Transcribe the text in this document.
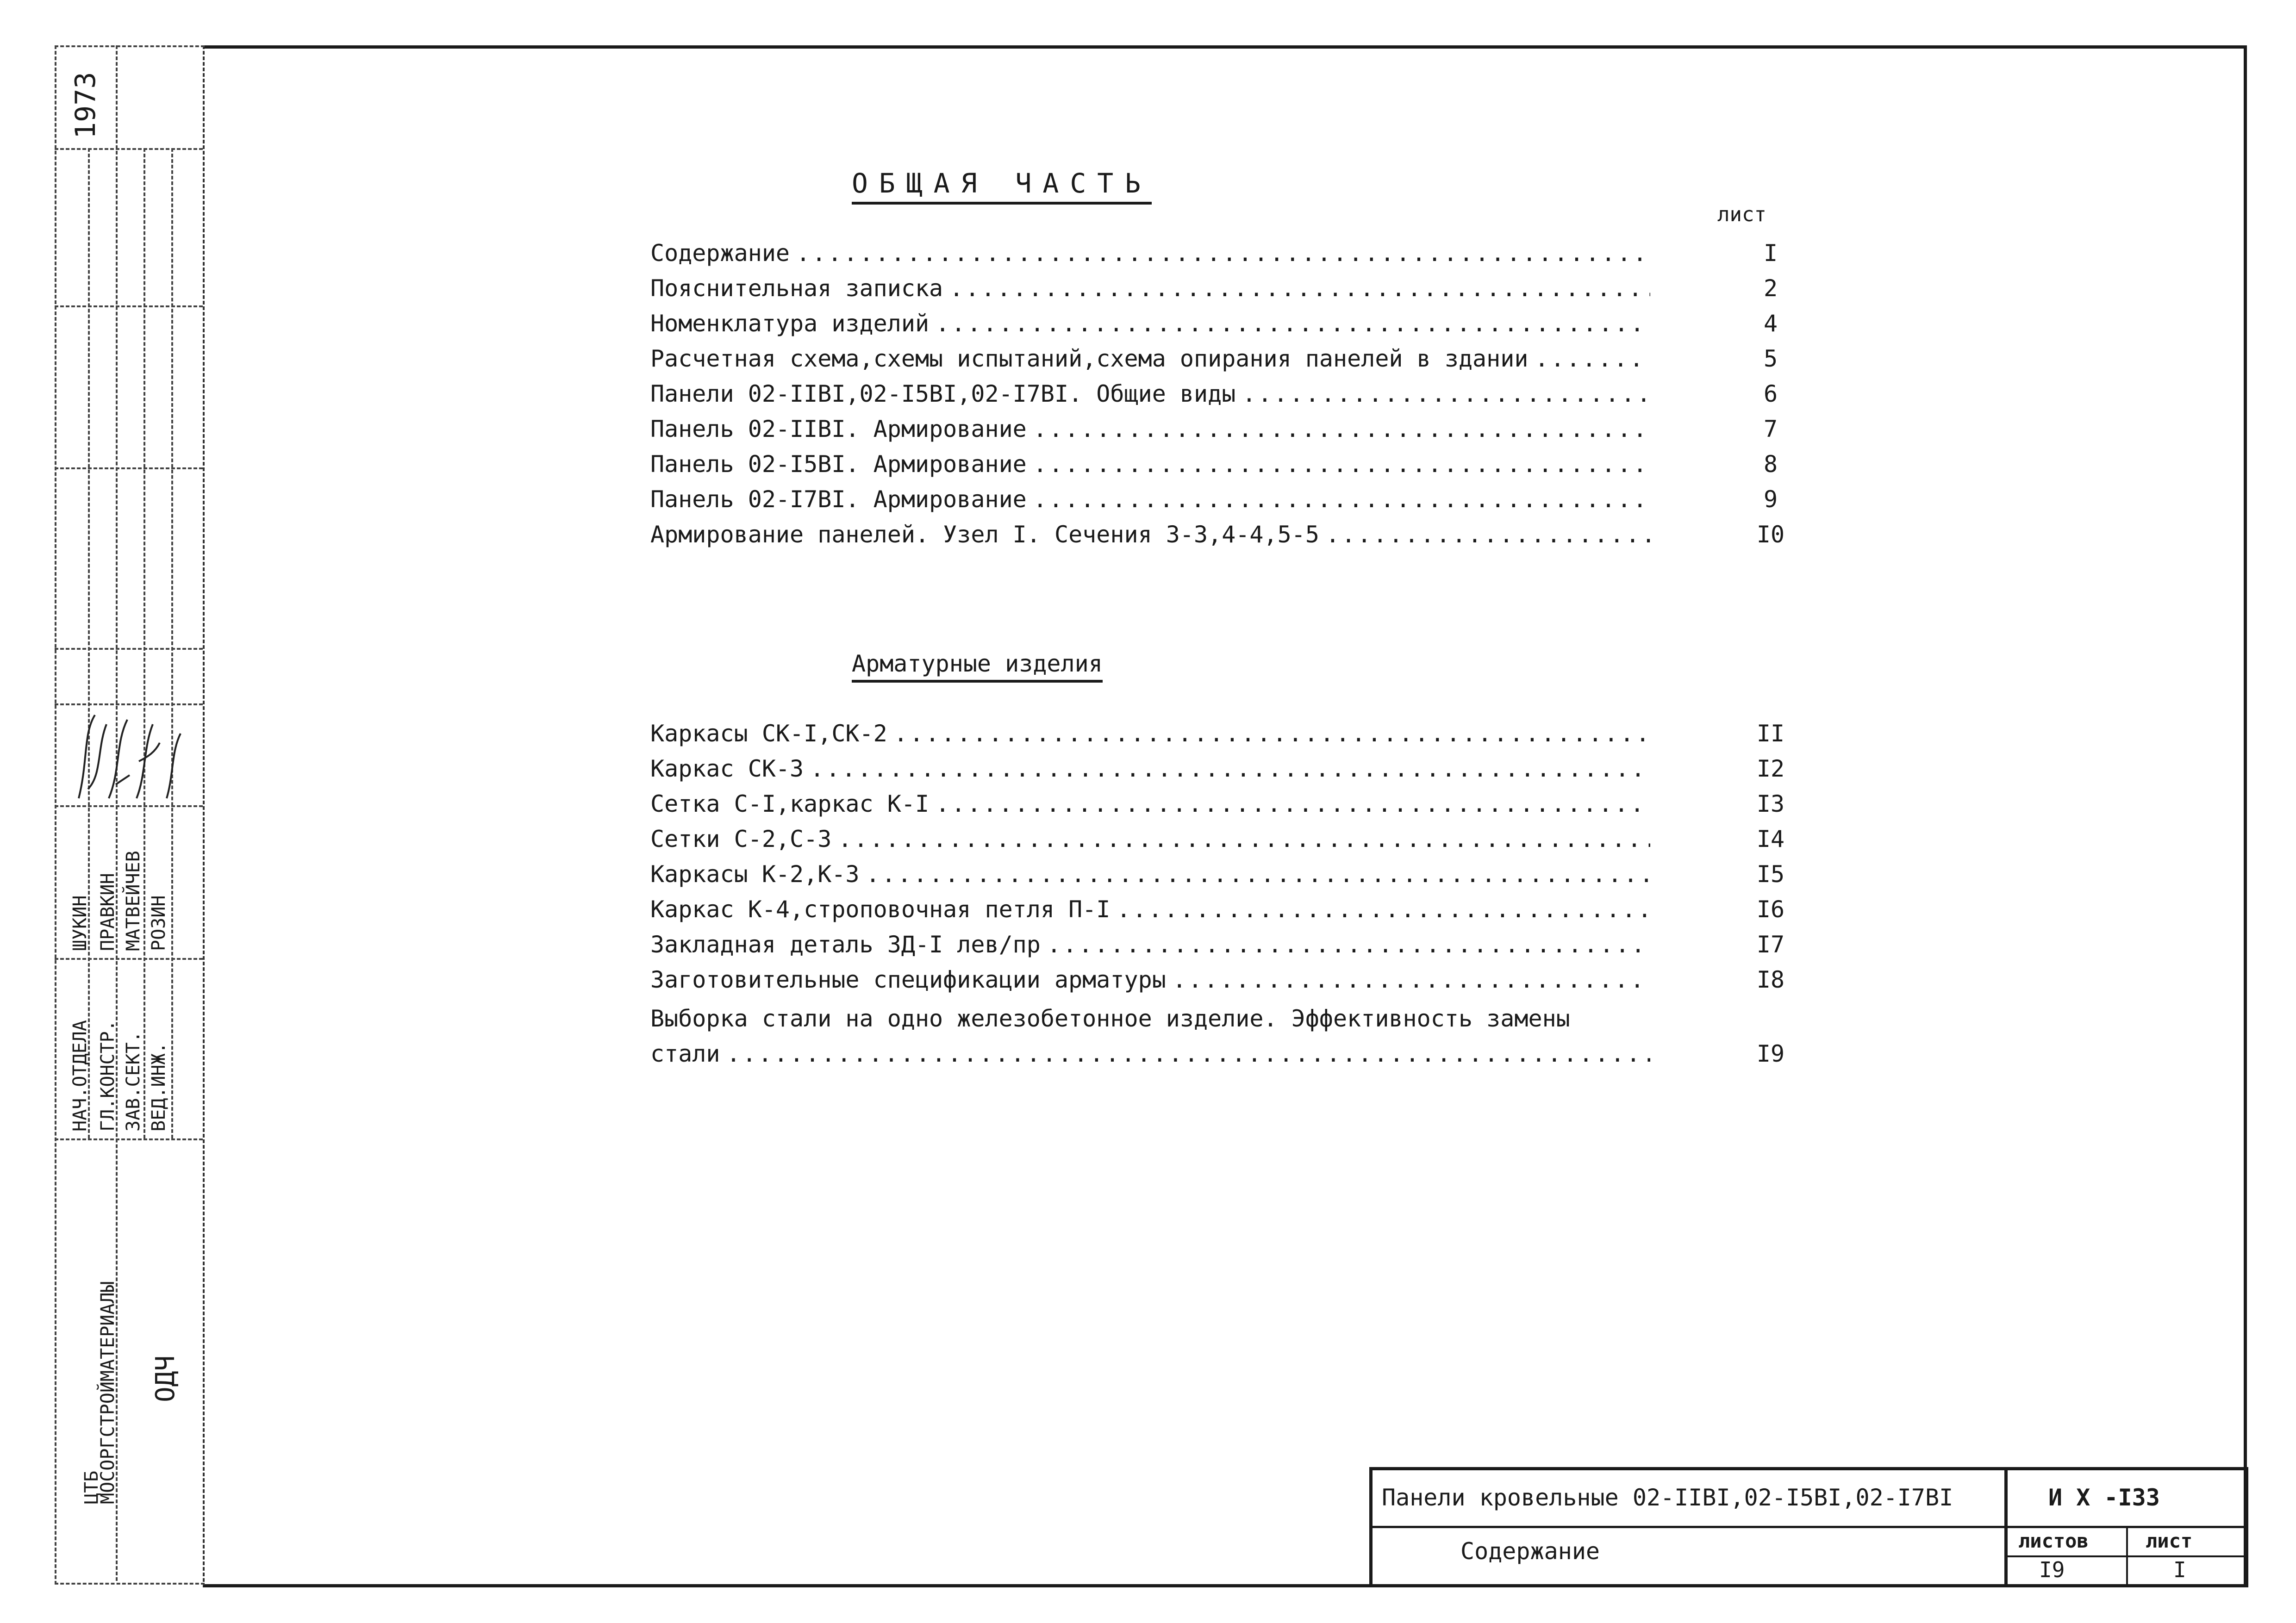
1973
НАЧ.ОТДЕЛА ГЛ.КОНСТР. ЗАВ.СЕКТ. ВЕД.ИНЖ.
ШУКИН ПРАВКИН МАТВЕЙЧЕВ РОЗИН
ЦТБ
МОСОРГСТРОЙМАТЕРИАЛЫ ОДЧ
ОБЩАЯ ЧАСТЬ
лист
Содержание .....	I
Пояснительная записка .....	2
Номенклатура изделий .....	4
Расчетная схема,схемы испытаний,схема опирания панелей в здании .....	5
Панели 02-IIBI,02-I5BI,02-I7BI. Общие виды .....	6
Панель 02-IIBI. Армирование .....	7
Панель 02-I5BI. Армирование .....	8
Панель 02-I7BI. Армирование .....	9
Армирование панелей. Узел I. Сечения 3-3,4-4,5-5 .....	I0
Арматурные изделия
Каркасы СК-I,СК-2 .....	II
Каркас СК-3 .....	I2
Сетка С-I,каркас К-I .....	I3
Сетки С-2,С-3 .....	I4
Каркасы К-2,К-3 .....	I5
Каркас К-4,строповочная петля П-I .....	I6
Закладная деталь ЗД-I лев/пр .....	I7
Заготовительные спецификации арматуры .....	I8
Выборка стали на одно железобетонное изделие. Эффективность замены
стали .....	I9
Панели кровельные 02-IIBI,02-I5BI,02-I7BI	И Х -I33
Содержание	листов	лист
I9	I
